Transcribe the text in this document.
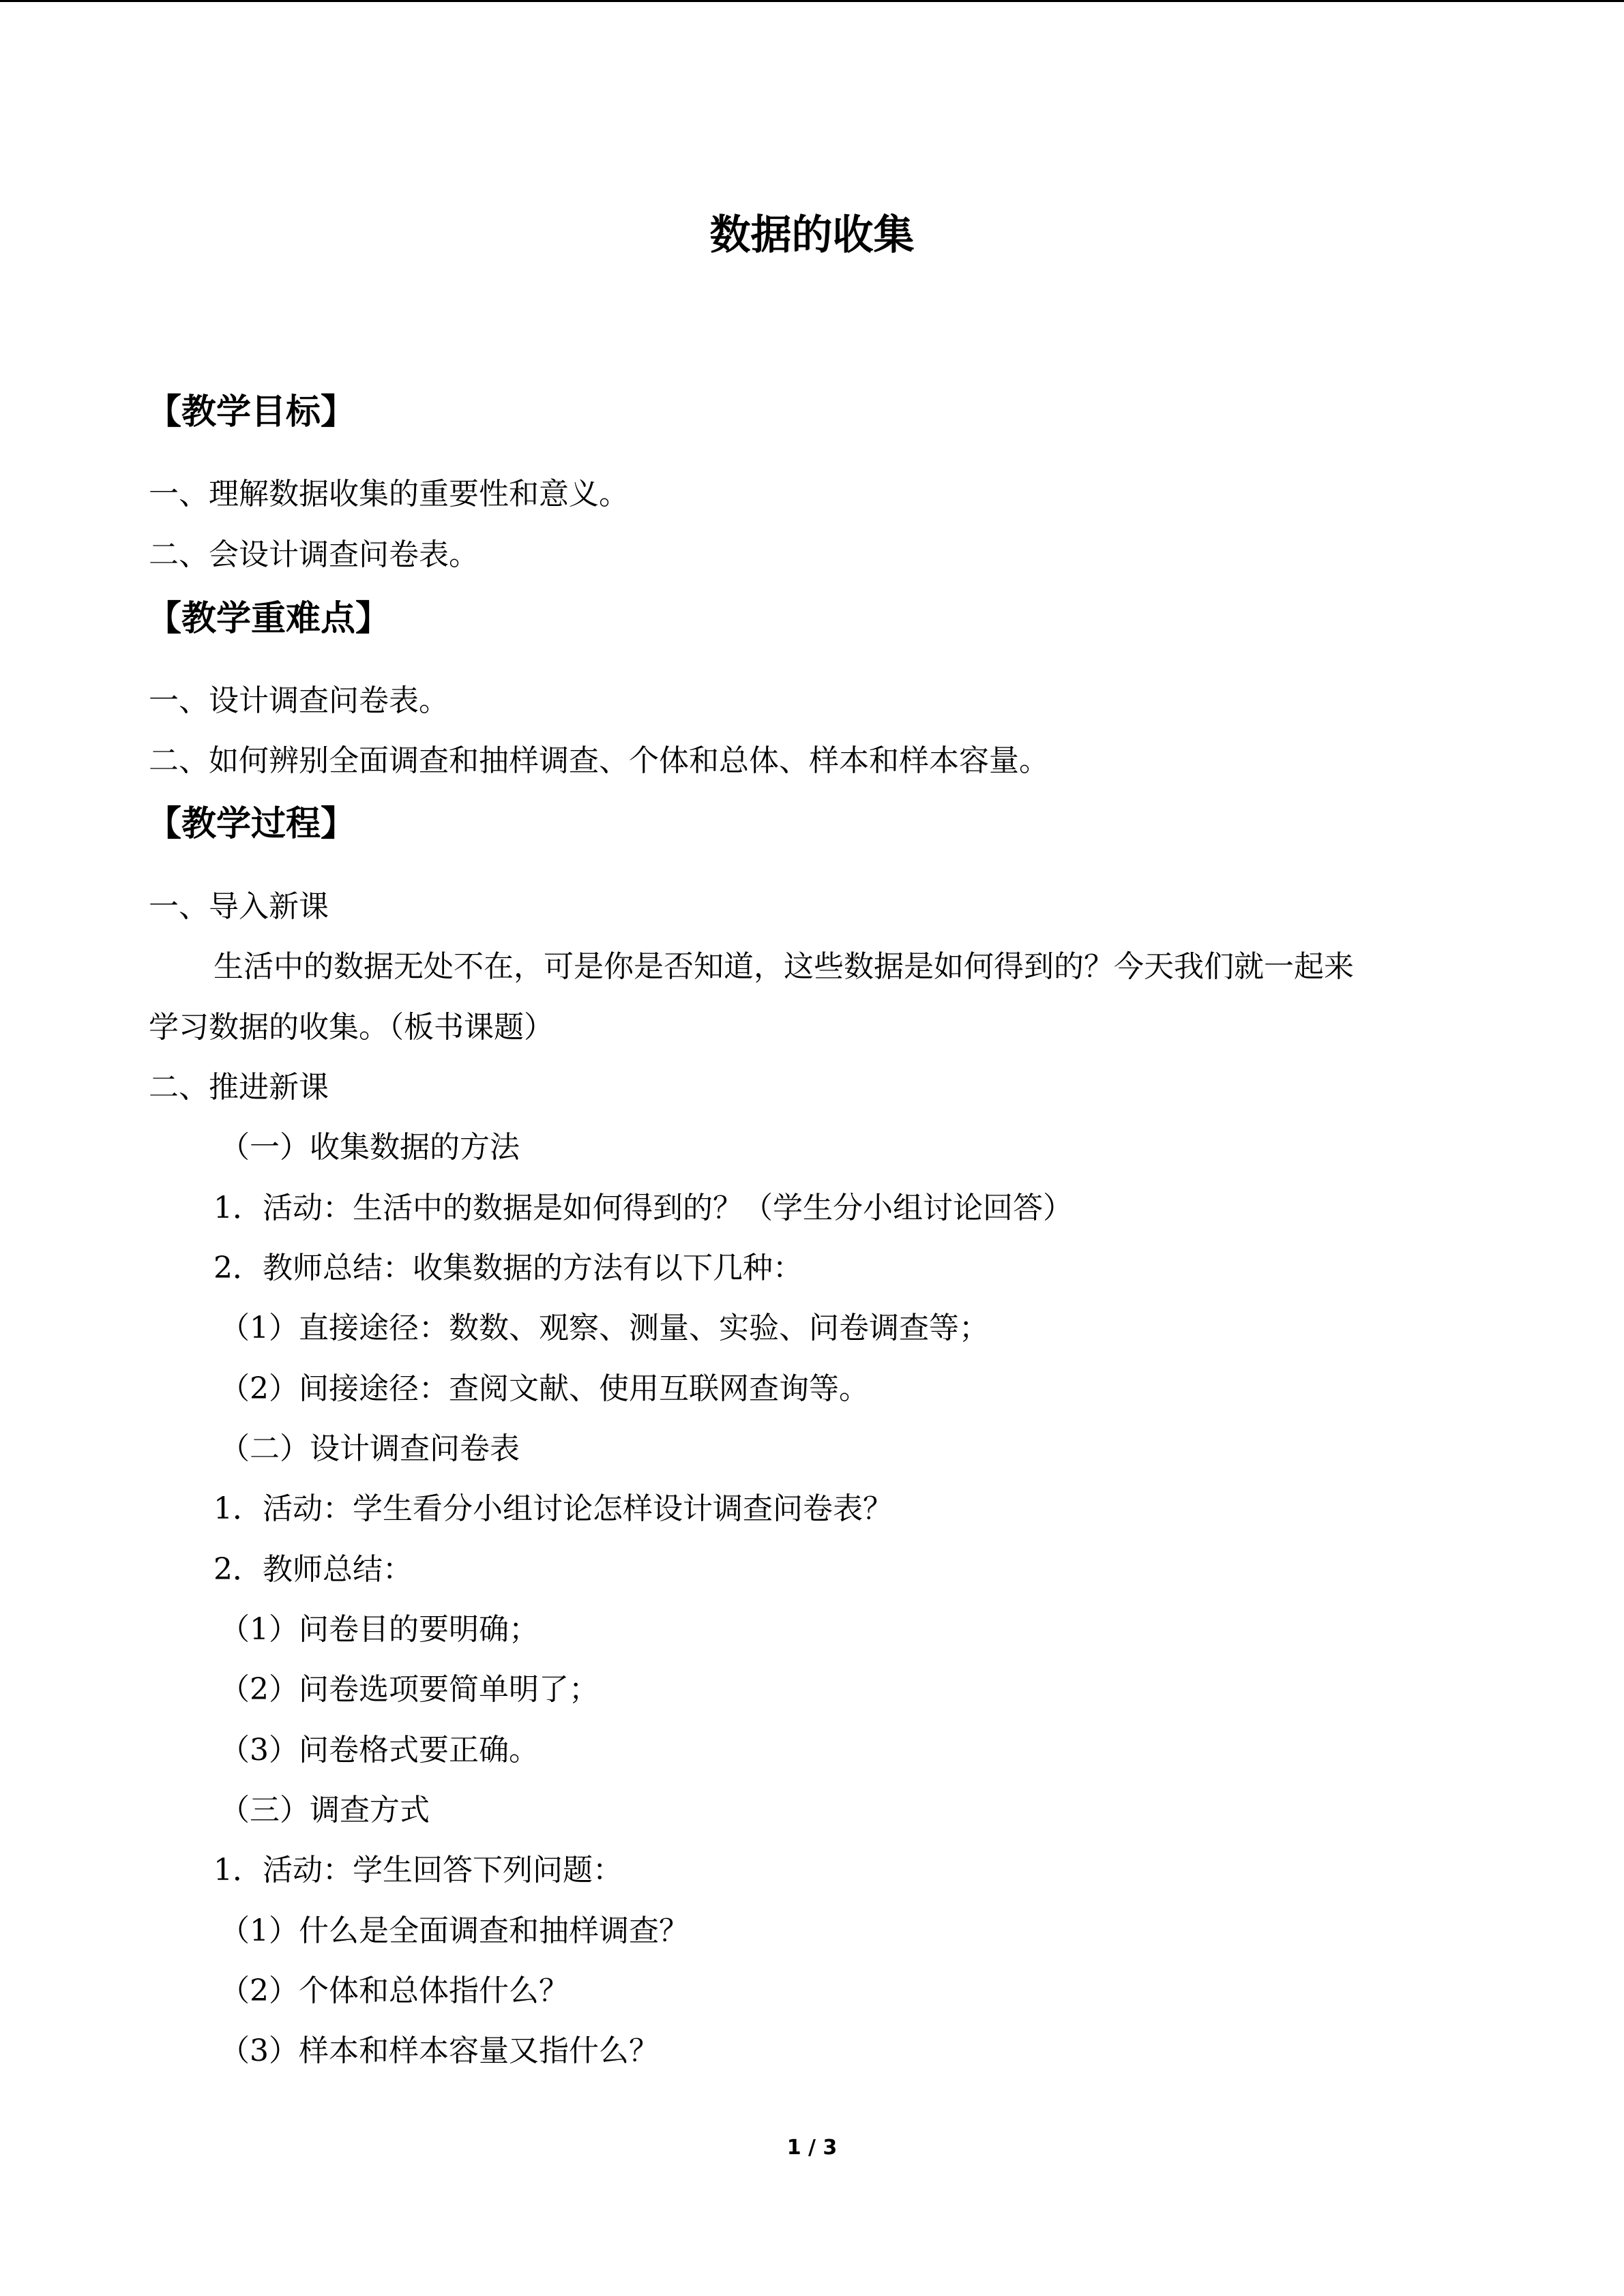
数据的收集
【教学目标】
一、理解数据收集的重要性和意义。
二、会设计调查问卷表。
【教学重难点】
一、设计调查问卷表。
二、如何辨别全面调查和抽样调查、个体和总体、样本和样本容量。
【教学过程】
一、导入新课
生活中的数据无处不在，可是你是否知道，这些数据是如何得到的？今天我们就一起来
学习数据的收集。（板书课题）
二、推进新课
（一）收集数据的方法
1．活动：生活中的数据是如何得到的？（学生分小组讨论回答）
2．教师总结：收集数据的方法有以下几种：
（1）直接途径：数数、观察、测量、实验、问卷调查等；
（2）间接途径：查阅文献、使用互联网查询等。
（二）设计调查问卷表
1．活动：学生看分小组讨论怎样设计调查问卷表？
2．教师总结：
（1）问卷目的要明确；
（2）问卷选项要简单明了；
（3）问卷格式要正确。
（三）调查方式
1．活动：学生回答下列问题：
（1）什么是全面调查和抽样调查？
（2）个体和总体指什么？
（3）样本和样本容量又指什么？
1 / 3
